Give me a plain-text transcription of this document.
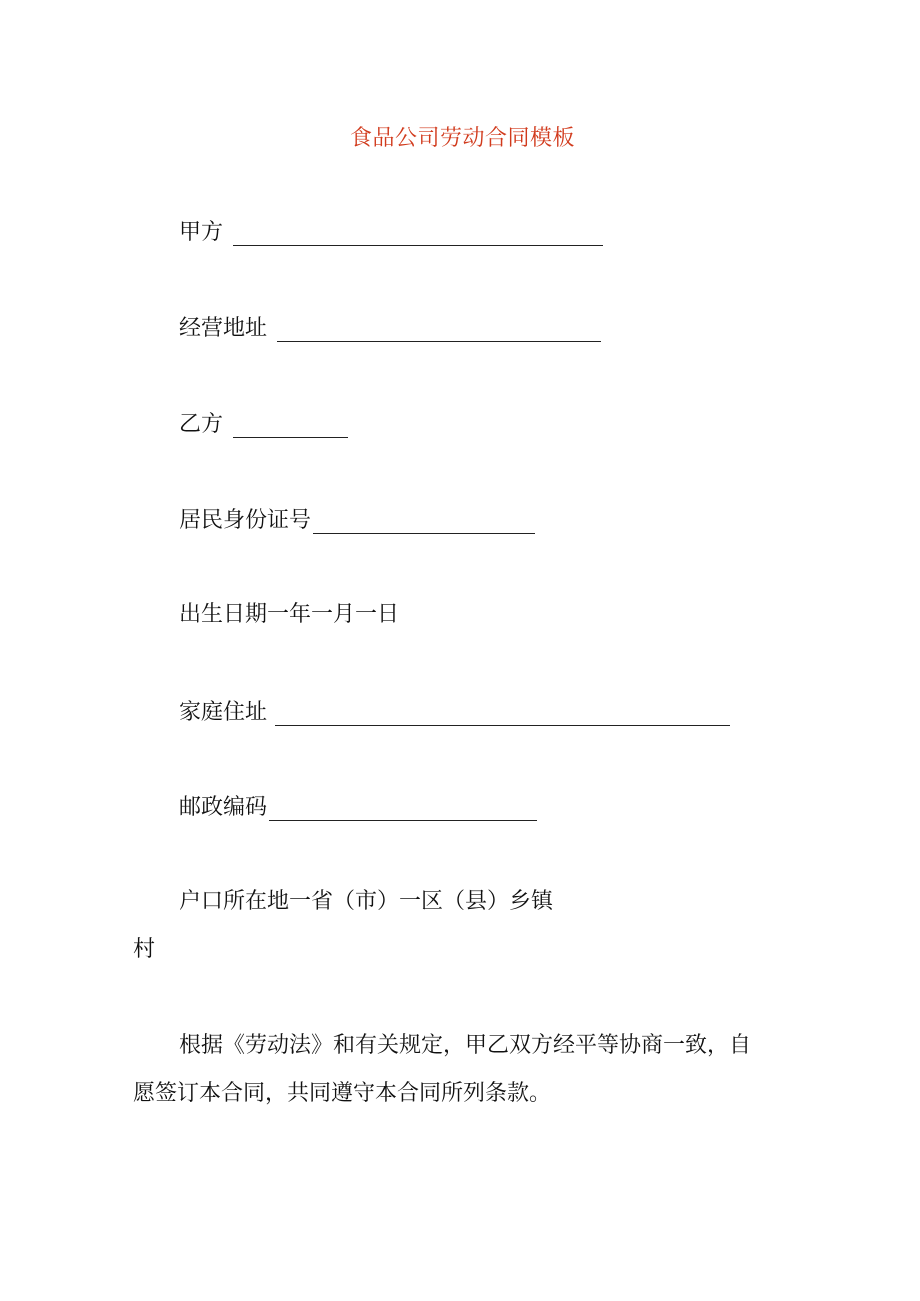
食品公司劳动合同模板
甲方
经营地址
乙方
居民身份证号
出生日期一年一月一日
家庭住址
邮政编码
户口所在地一省（市）一区（县）乡镇
村
根据《劳动法》和有关规定，甲乙双方经平等协商一致，自
愿签订本合同，共同遵守本合同所列条款。
